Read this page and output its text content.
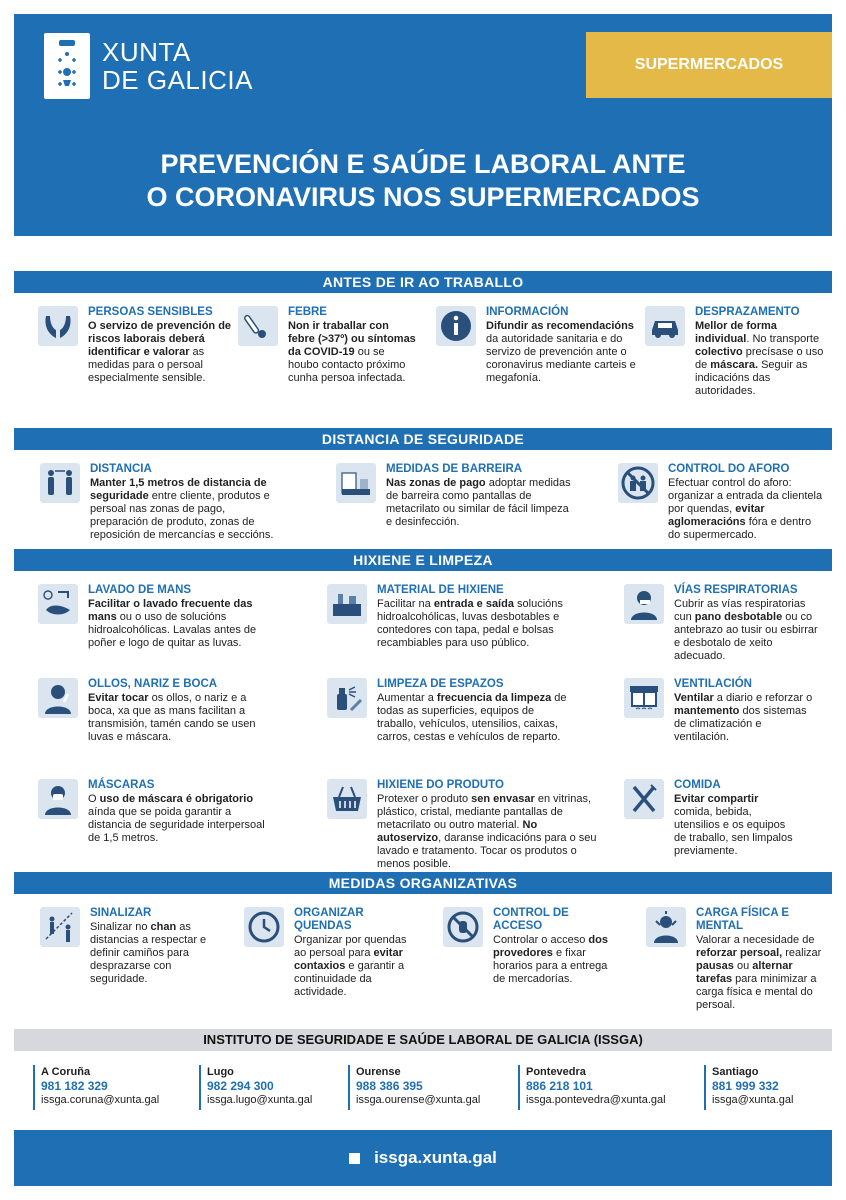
XUNTA
DE GALICIA
SUPERMERCADOS
PREVENCIÓN E SAÚDE LABORAL ANTE
O CORONAVIRUS NOS SUPERMERCADOS
ANTES DE IR AO TRABALLO
PERSOAS SENSIBLES
O servizo de prevención de riscos laborais deberá identificar e valorar as medidas para o persoal especialmente sensible.
FEBRE
Non ir traballar con febre (>37º) ou síntomas da COVID-19 ou se houbo contacto próximo cunha persoa infectada.
INFORMACIÓN
Difundir as recomendacións da autoridade sanitaria e do servizo de prevención ante o coronavirus mediante carteis e megafonía.
DESPRAZAMENTO
Mellor de forma individual. No transporte colectivo precísase o uso de máscara. Seguir as indicacións das autoridades.
DISTANCIA DE SEGURIDADE
DISTANCIA
Manter 1,5 metros de distancia de seguridade entre cliente, produtos e persoal nas zonas de pago, preparación de produto, zonas de reposición de mercancías e seccións.
MEDIDAS DE BARREIRA
Nas zonas de pago adoptar medidas de barreira como pantallas de metacrilato ou similar de fácil limpeza e desinfección.
CONTROL DO AFORO
Efectuar control do aforo: organizar a entrada da clientela por quendas, evitar aglomeracións fóra e dentro do supermercado.
HIXIENE E LIMPEZA
LAVADO DE MANS
Facilitar o lavado frecuente das mans ou o uso de solucións hidroalcohólicas. Lavalas antes de poñer e logo de quitar as luvas.
MATERIAL DE HIXIENE
Facilitar na entrada e saída solucións hidroalcohólicas, luvas desbotables e contedores con tapa, pedal e bolsas recambiables para uso público.
VÍAS RESPIRATORIAS
Cubrir as vías respiratorias cun pano desbotable ou co antebrazo ao tusir ou esbirrar e desbotalo de xeito adecuado.
OLLOS, NARIZ E BOCA
Evitar tocar os ollos, o nariz e a boca, xa que as mans facilitan a transmisión, tamén cando se usen luvas e máscara.
LIMPEZA DE ESPAZOS
Aumentar a frecuencia da limpeza de todas as superficies, equipos de traballo, vehículos, utensilios, caixas, carros, cestas e vehículos de reparto.
VENTILACIÓN
Ventilar a diario e reforzar o mantemento dos sistemas de climatización e ventilación.
MÁSCARAS
O uso de máscara é obrigatorio aínda que se poida garantir a distancia de seguridade interpersoal de 1,5 metros.
HIXIENE DO PRODUTO
Protexer o produto sen envasar en vitrinas, plástico, cristal, mediante pantallas de metacrilato ou outro material. No autoservizo, daranse indicacións para o seu lavado e tratamento. Tocar os produtos o menos posible.
COMIDA
Evitar compartir comida, bebida, utensilios e os equipos de traballo, sen limpalos previamente.
MEDIDAS ORGANIZATIVAS
SINALIZAR
Sinalizar no chan as distancias a respectar e definir camiños para desprazarse con seguridade.
ORGANIZAR QUENDAS
Organizar por quendas ao persoal para evitar contaxios e garantir a continuidade da actividade.
CONTROL DE ACCESO
Controlar o acceso dos provedores e fixar horarios para a entrega de mercadorías.
CARGA FÍSICA E MENTAL
Valorar a necesidade de reforzar persoal, realizar pausas ou alternar tarefas para minimizar a carga física e mental do persoal.
INSTITUTO DE SEGURIDADE E SAÚDE LABORAL DE GALICIA (ISSGA)
A Coruña
981 182 329
issga.coruna@xunta.gal
Lugo
982 294 300
issga.lugo@xunta.gal
Ourense
988 386 395
issga.ourense@xunta.gal
Pontevedra
886 218 101
issga.pontevedra@xunta.gal
Santiago
881 999 332
issga@xunta.gal
issga.xunta.gal
